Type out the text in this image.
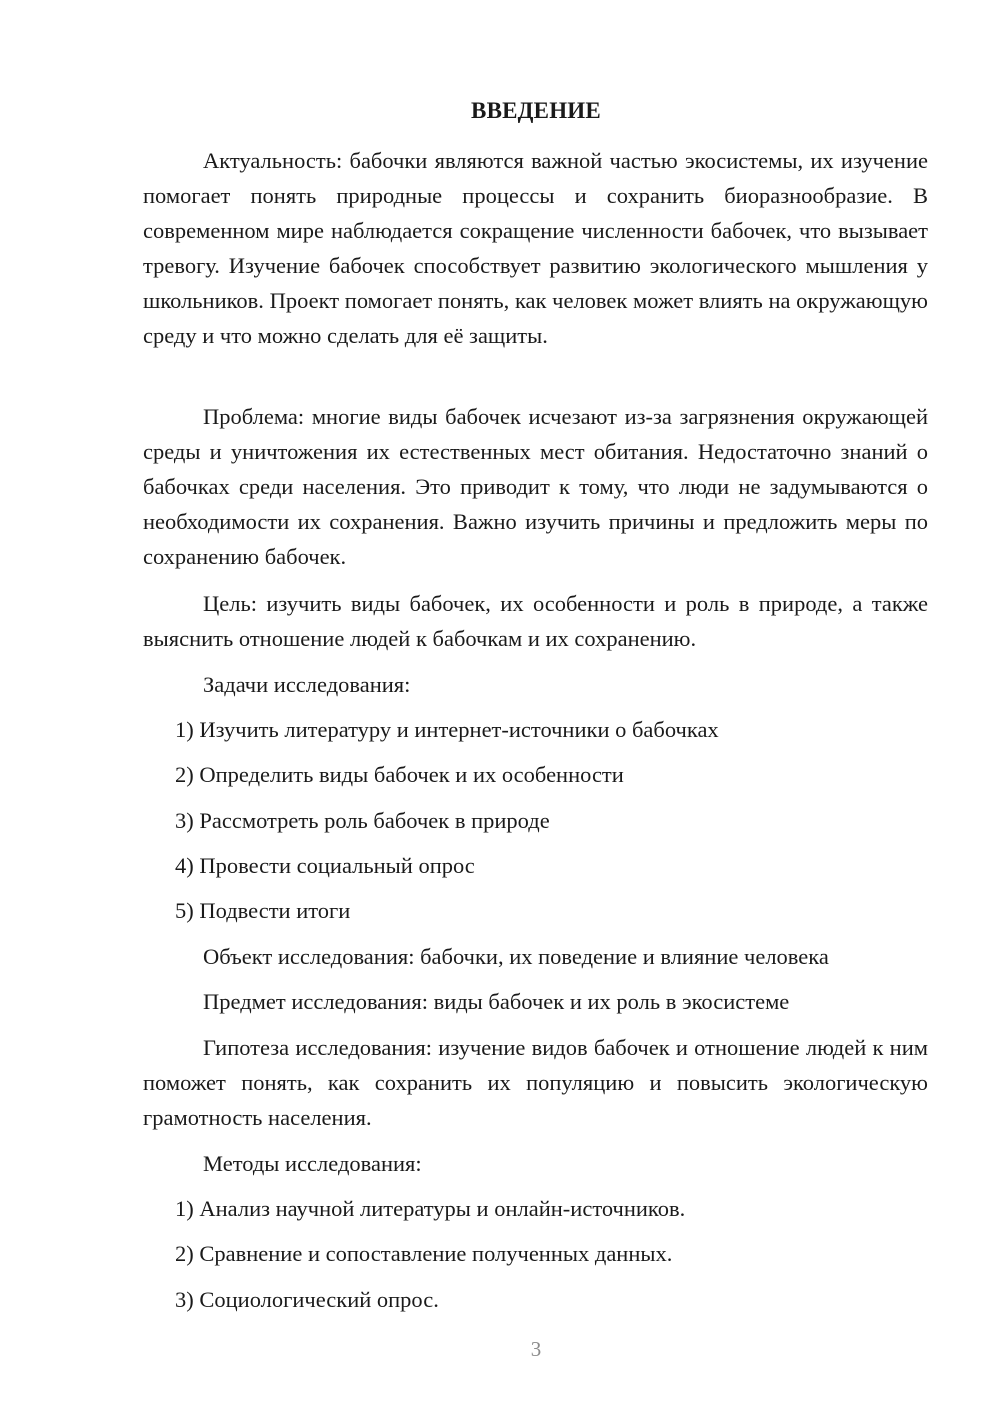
ВВЕДЕНИЕ

Актуальность: бабочки являются важной частью экосистемы, их изучение помогает понять природные процессы и сохранить биоразнообразие. В современном мире наблюдается сокращение численности бабочек, что вызывает тревогу. Изучение бабочек способствует развитию экологического мышления у школьников. Проект помогает понять, как человек может влиять на окружающую среду и что можно сделать для её защиты.

Проблема: многие виды бабочек исчезают из-за загрязнения окружающей среды и уничтожения их естественных мест обитания. Недостаточно знаний о бабочках среди населения. Это приводит к тому, что люди не задумываются о необходимости их сохранения. Важно изучить причины и предложить меры по сохранению бабочек.

Цель: изучить виды бабочек, их особенности и роль в природе, а также выяснить отношение людей к бабочкам и их сохранению.

Задачи исследования:

1) Изучить литературу и интернет-источники о бабочках

2) Определить виды бабочек и их особенности

3) Рассмотреть роль бабочек в природе

4) Провести социальный опрос

5) Подвести итоги

Объект исследования: бабочки, их поведение и влияние человека

Предмет исследования: виды бабочек и их роль в экосистеме

Гипотеза исследования: изучение видов бабочек и отношение людей к ним поможет понять, как сохранить их популяцию и повысить экологическую грамотность населения.

Методы исследования:

1) Анализ научной литературы и онлайн-источников.

2) Сравнение и сопоставление полученных данных.

3) Социологический опрос.

3
